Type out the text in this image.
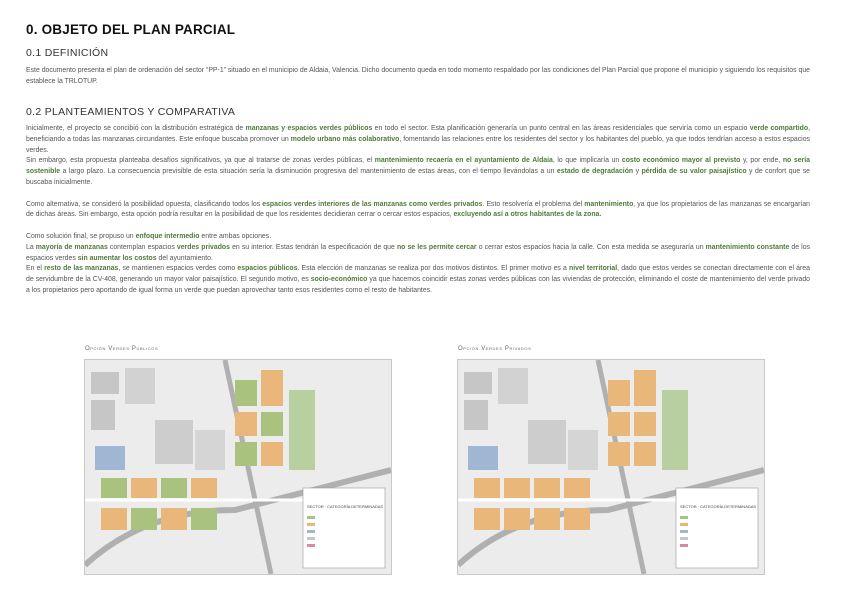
0. OBJETO DEL PLAN PARCIAL
0.1 DEFINICIÓN
Este documento presenta el plan de ordenación del sector “PP-1” situado en el municipio de Aldaia, Valencia. Dicho documento queda en todo momento respaldado por las condiciones del Plan Parcial que propone el municipio y siguiendo los requisitos que establece la TRLOTUP.
0.2 PLANTEAMIENTOS Y COMPARATIVA

Inicialmente, el proyecto se concibió con la distribución estratégica de manzanas y espacios verdes públicos en todo el sector. Esta planificación generaría un punto central en las áreas residenciales que serviría como un espacio verde compartido, beneficiando a todas las manzanas circundantes. Este enfoque buscaba promover un modelo urbano más colaborativo, fomentando las relaciones entre los residentes del sector y los habitantes del pueblo, ya que todos tendrían acceso a estos espacios verdes.

Sin embargo, esta propuesta planteaba desafíos significativos, ya que al tratarse de zonas verdes públicas, el mantenimiento recaería en el ayuntamiento de Aldaia, lo que implicaría un costo económico mayor al previsto y, por ende, no sería sostenible a largo plazo. La consecuencia previsible de esta situación sería la disminución progresiva del mantenimiento de estas áreas, con el tiempo llevándolas a un estado de degradación y pérdida de su valor paisajístico y de confort que se buscaba inicialmente.

Como alternativa, se consideró la posibilidad opuesta, clasificando todos los espacios verdes interiores de las manzanas como verdes privados. Esto resolvería el problema del mantenimiento, ya que los propietarios de las manzanas se encargarían de dichas áreas. Sin embargo, esta opción podría resultar en la posibilidad de que los residentes decidieran cerrar o cercar estos espacios, excluyendo así a otros habitantes de la zona.

Como solución final, se propuso un enfoque intermedio entre ambas opciones.

La mayoría de manzanas contemplan espacios verdes privados en su interior. Estas tendrán la especificación de que no se les permite cercar o cerrar estos espacios hacia la calle. Con esta medida se aseguraría un mantenimiento constante de los espacios verdes sin aumentar los costos del ayuntamiento.

En el resto de las manzanas, se mantienen espacios verdes como espacios públicos. Esta elección de manzanas se realiza por dos motivos distintos. El primer motivo es a nivel territorial, dado que estos verdes se conectan directamente con el área de servidumbre de la CV-408, generando un mayor valor paisajístico. El segundo motivo, es socio-económico ya que hacemos coincidir estas zonas verdes públicas con las viviendas de protección, eliminando el coste de mantenimiento del verde privado a los propietarios pero aportando de igual forma un verde que puedan aprovechar tanto esos residentes como el resto de habitantes.

Opción Verdes Públicos	Opción Verdes Privados
SECTOR · CATEGORÍA DETERMINADAS	SECTOR · CATEGORÍA DETERMINADAS
